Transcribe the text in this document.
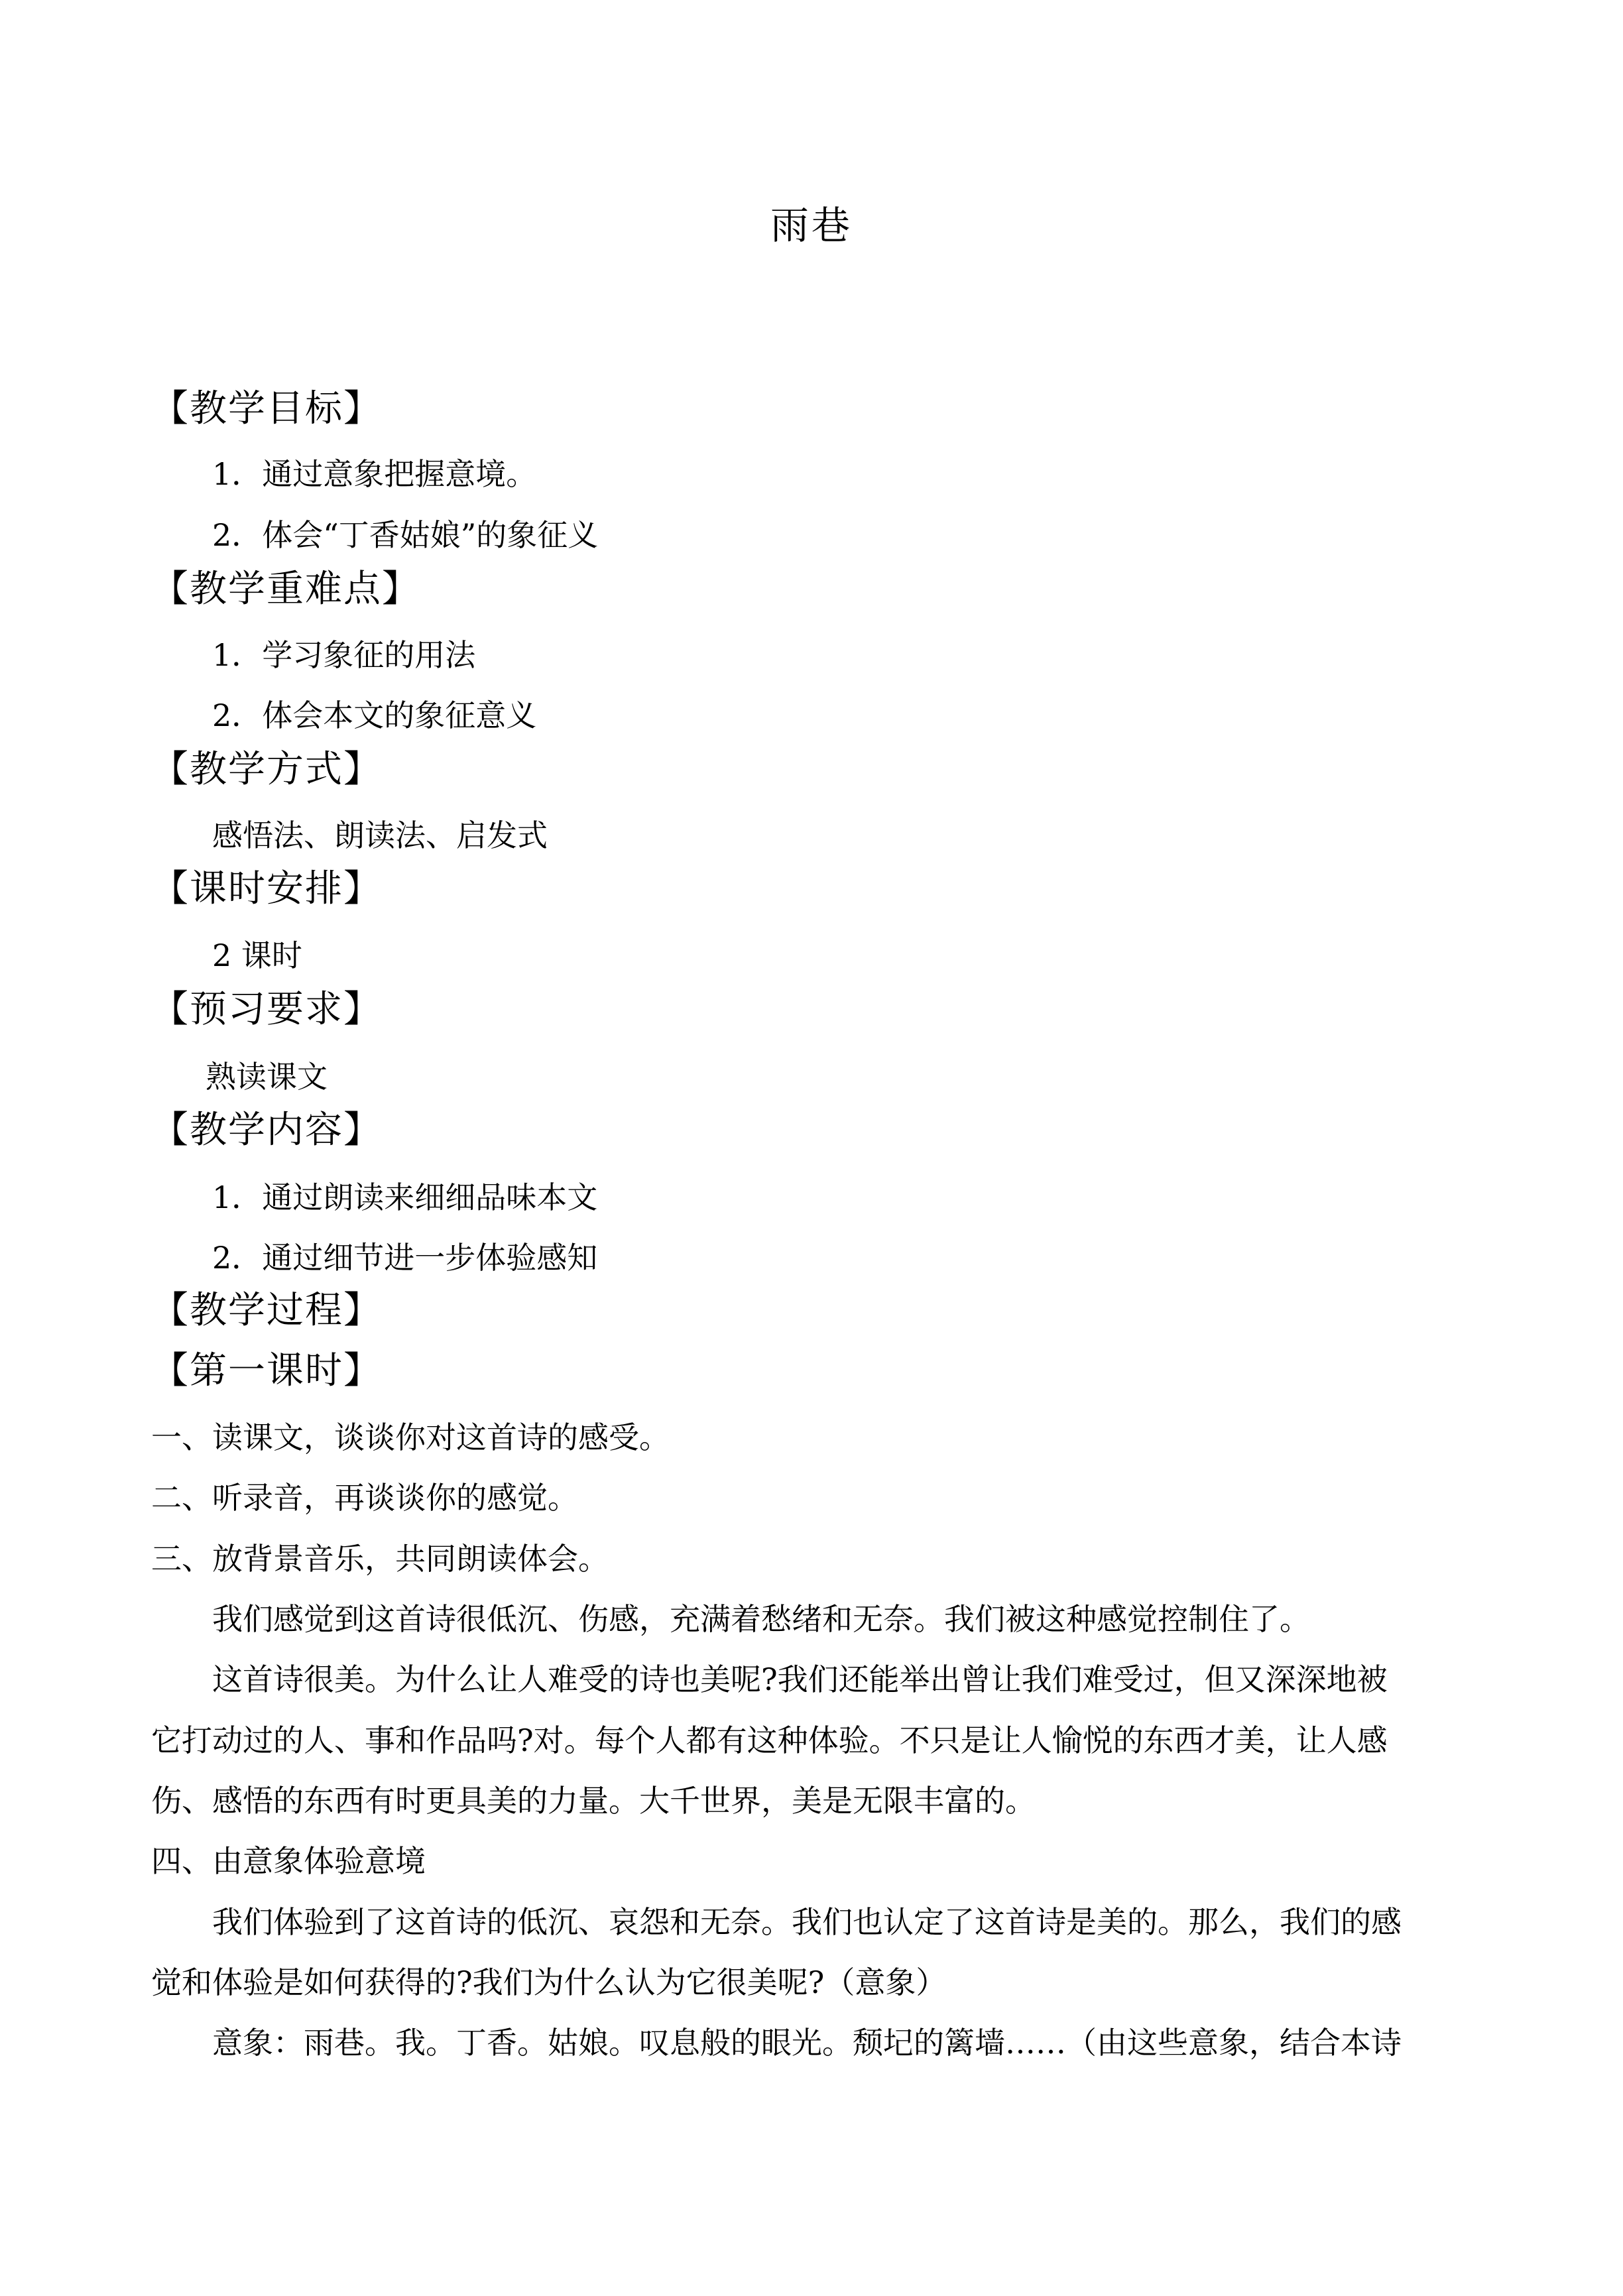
雨巷
【教学目标】
1．通过意象把握意境。
2．体会“丁香姑娘”的象征义
【教学重难点】
1．学习象征的用法
2．体会本文的象征意义
【教学方式】
感悟法、朗读法、启发式
【课时安排】
2 课时
【预习要求】
熟读课文
【教学内容】
1．通过朗读来细细品味本文
2．通过细节进一步体验感知
【教学过程】
【第一课时】
一、读课文，谈谈你对这首诗的感受。
二、听录音，再谈谈你的感觉。
三、放背景音乐，共同朗读体会。
我们感觉到这首诗很低沉、伤感，充满着愁绪和无奈。我们被这种感觉控制住了。
这首诗很美。为什么让人难受的诗也美呢?我们还能举出曾让我们难受过，但又深深地被
它打动过的人、事和作品吗?对。每个人都有这种体验。不只是让人愉悦的东西才美，让人感
伤、感悟的东西有时更具美的力量。大千世界，美是无限丰富的。
四、由意象体验意境
我们体验到了这首诗的低沉、哀怨和无奈。我们也认定了这首诗是美的。那么，我们的感
觉和体验是如何获得的?我们为什么认为它很美呢?（意象）
意象：雨巷。我。丁香。姑娘。叹息般的眼光。颓圮的篱墙……（由这些意象，结合本诗
